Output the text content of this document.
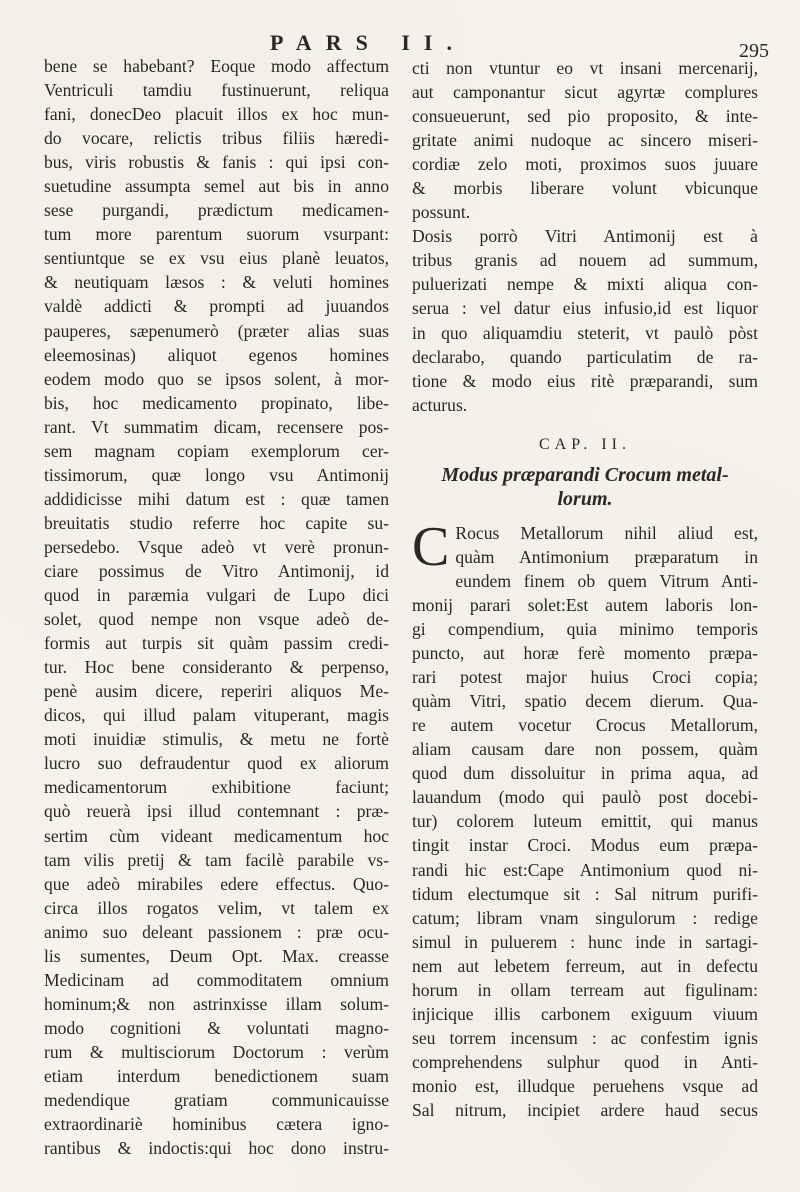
PARS II.	295
bene se habebant? Eoque modo affectum
Ventriculi tamdiu fustinuerunt, reliqua
fani, donecDeo placuit illos ex hoc mun-
do vocare, relictis tribus filiis hæredi-
bus, viris robustis & fanis : qui ipsi con-
suetudine assumpta semel aut bis in anno
sese purgandi, prædictum medicamen-
tum more parentum suorum vsurpant:
sentiuntque se ex vsu eius planè leuatos,
& neutiquam læsos : & veluti homines
valdè addicti & prompti ad juuandos
pauperes, sæpenumerò (præter alias suas
eleemosinas) aliquot egenos homines
eodem modo quo se ipsos solent, à mor-
bis, hoc medicamento propinato, libe-
rant. Vt summatim dicam, recensere pos-
sem magnam copiam exemplorum cer-
tissimorum, quæ longo vsu Antimonij
addidicisse mihi datum est : quæ tamen
breuitatis studio referre hoc capite su-
persedebo. Vsque adeò vt verè pronun-
ciare possimus de Vitro Antimonij, id
quod in paræmia vulgari de Lupo dici
solet, quod nempe non vsque adeò de-
formis aut turpis sit quàm passim credi-
tur. Hoc bene consideranto & perpenso,
penè ausim dicere, reperiri aliquos Me-
dicos, qui illud palam vituperant, magis
moti inuidiæ stimulis, & metu ne fortè
lucro suo defraudentur quod ex aliorum
medicamentorum exhibitione faciunt;
quò reuerà ipsi illud contemnant : præ-
sertim cùm videant medicamentum hoc
tam vilis pretij & tam facilè parabile vs-
que adeò mirabiles edere effectus. Quo-
circa illos rogatos velim, vt talem ex
animo suo deleant passionem : præ ocu-
lis sumentes, Deum Opt. Max. creasse
Medicinam ad commoditatem omnium
hominum;& non astrinxisse illam solum-
modo cognitioni & voluntati magno-
rum & multisciorum Doctorum : verùm
etiam interdum benedictionem suam
medendique gratiam communicauisse
extraordinariè hominibus cætera igno-
rantibus & indoctis:qui hoc dono instru-
cti non vtuntur eo vt insani mercenarij,
aut camponantur sicut agyrtæ complures
consueuerunt, sed pio proposito, & inte-
gritate animi nudoque ac sincero miseri-
cordiæ zelo moti, proximos suos juuare
& morbis liberare volunt vbicunque
possunt.
Dosis porrò Vitri Antimonij est à
tribus granis ad nouem ad summum,
puluerizati nempe & mixti aliqua con-
serua : vel datur eius infusio,id est liquor
in quo aliquamdiu steterit, vt paulò pòst
declarabo, quando particulatim de ra-
tione & modo eius ritè præparandi, sum
acturus.
CAP. II.
Modus præparandi Crocum metal-
lorum.
C Rocus Metallorum nihil aliud est,
quàm Antimonium præparatum in
eundem finem ob quem Vitrum Anti-
monij parari solet:Est autem laboris lon-
gi compendium, quia minimo temporis
puncto, aut horæ ferè momento præpa-
rari potest major huius Croci copia;
quàm Vitri, spatio decem dierum. Qua-
re autem vocetur Crocus Metallorum,
aliam causam dare non possem, quàm
quod dum dissoluitur in prima aqua, ad
lauandum (modo qui paulò post docebi-
tur) colorem luteum emittit, qui manus
tingit instar Croci. Modus eum præpa-
randi hic est:Cape Antimonium quod ni-
tidum electumque sit : Sal nitrum purifi-
catum; libram vnam singulorum : redige
simul in puluerem : hunc inde in sartagi-
nem aut lebetem ferreum, aut in defectu
horum in ollam terream aut figulinam:
injicique illis carbonem exiguum viuum
seu torrem incensum : ac confestim ignis
comprehendens sulphur quod in Anti-
monio est, illudque peruehens vsque ad
Sal nitrum, incipiet ardere haud secus
